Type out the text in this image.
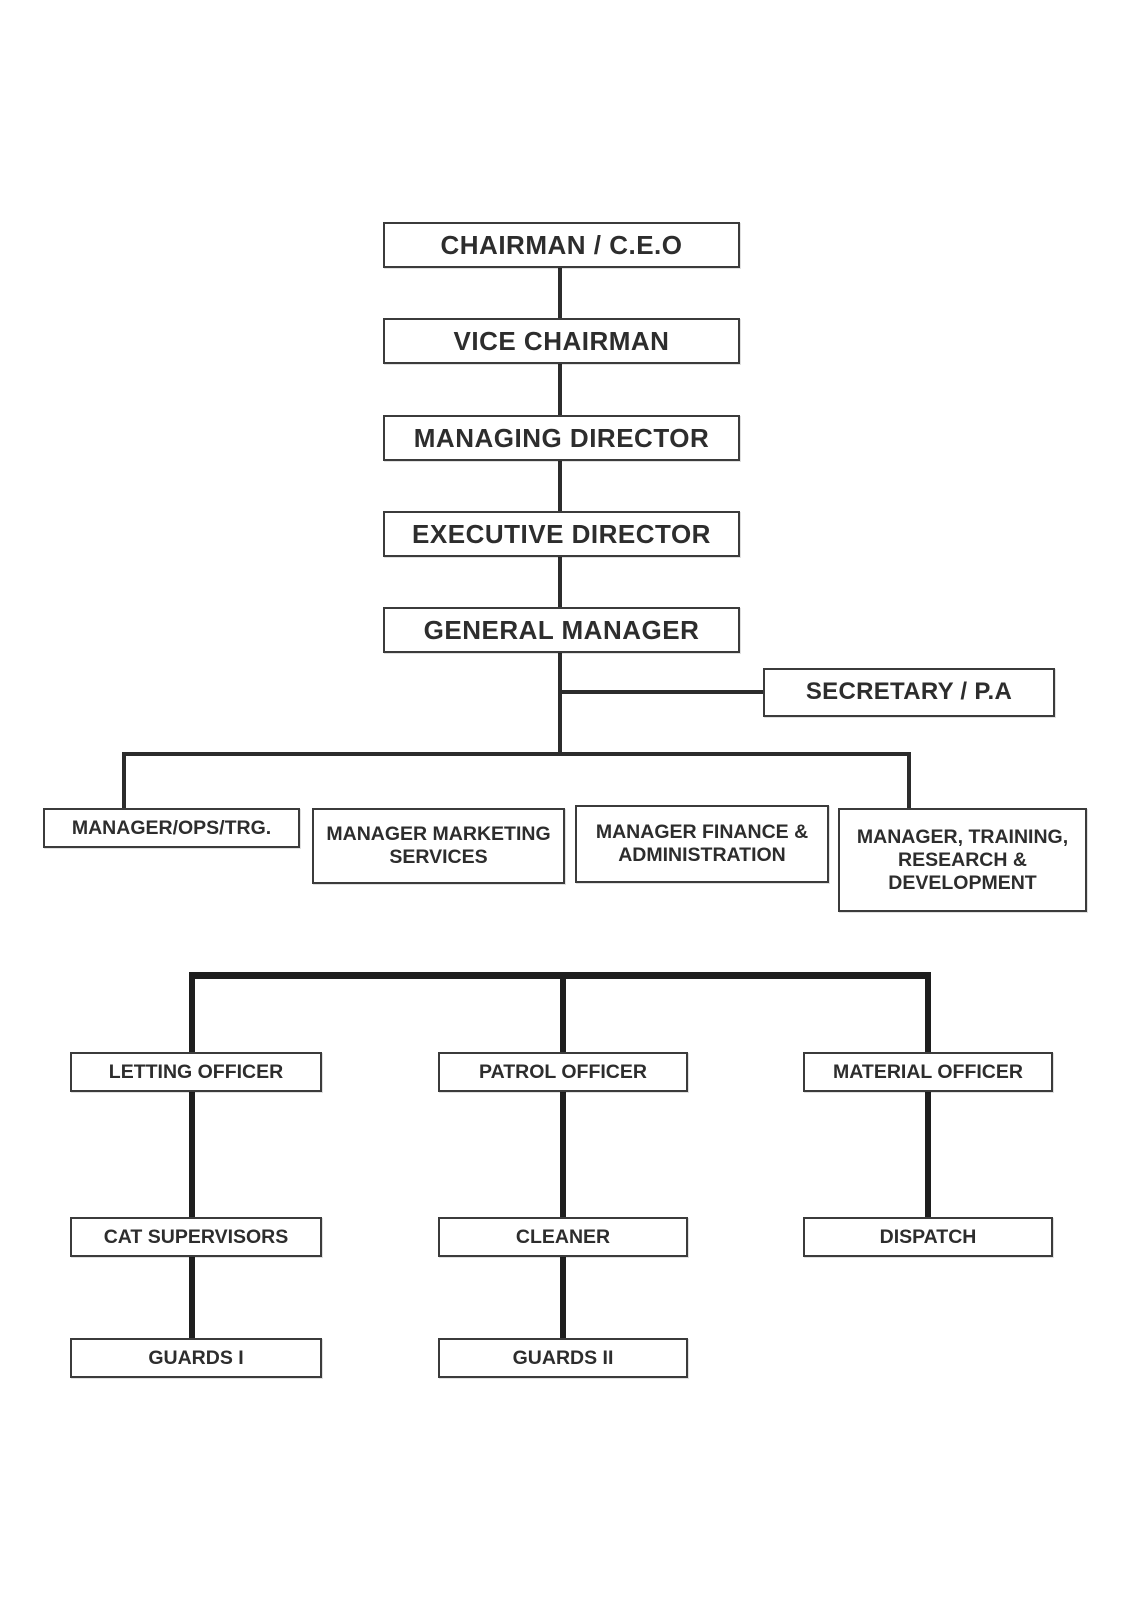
CHAIRMAN / C.E.O
VICE CHAIRMAN
MANAGING DIRECTOR
EXECUTIVE DIRECTOR
GENERAL MANAGER
SECRETARY / P.A
MANAGER/OPS/TRG.	MANAGER MARKETING SERVICES
MANAGER FINANCE & ADMINISTRATION
MANAGER, TRAINING, RESEARCH & DEVELOPMENT
LETTING OFFICER	PATROL OFFICER	MATERIAL OFFICER
CAT SUPERVISORS	CLEANER	DISPATCH
GUARDS I	GUARDS II
